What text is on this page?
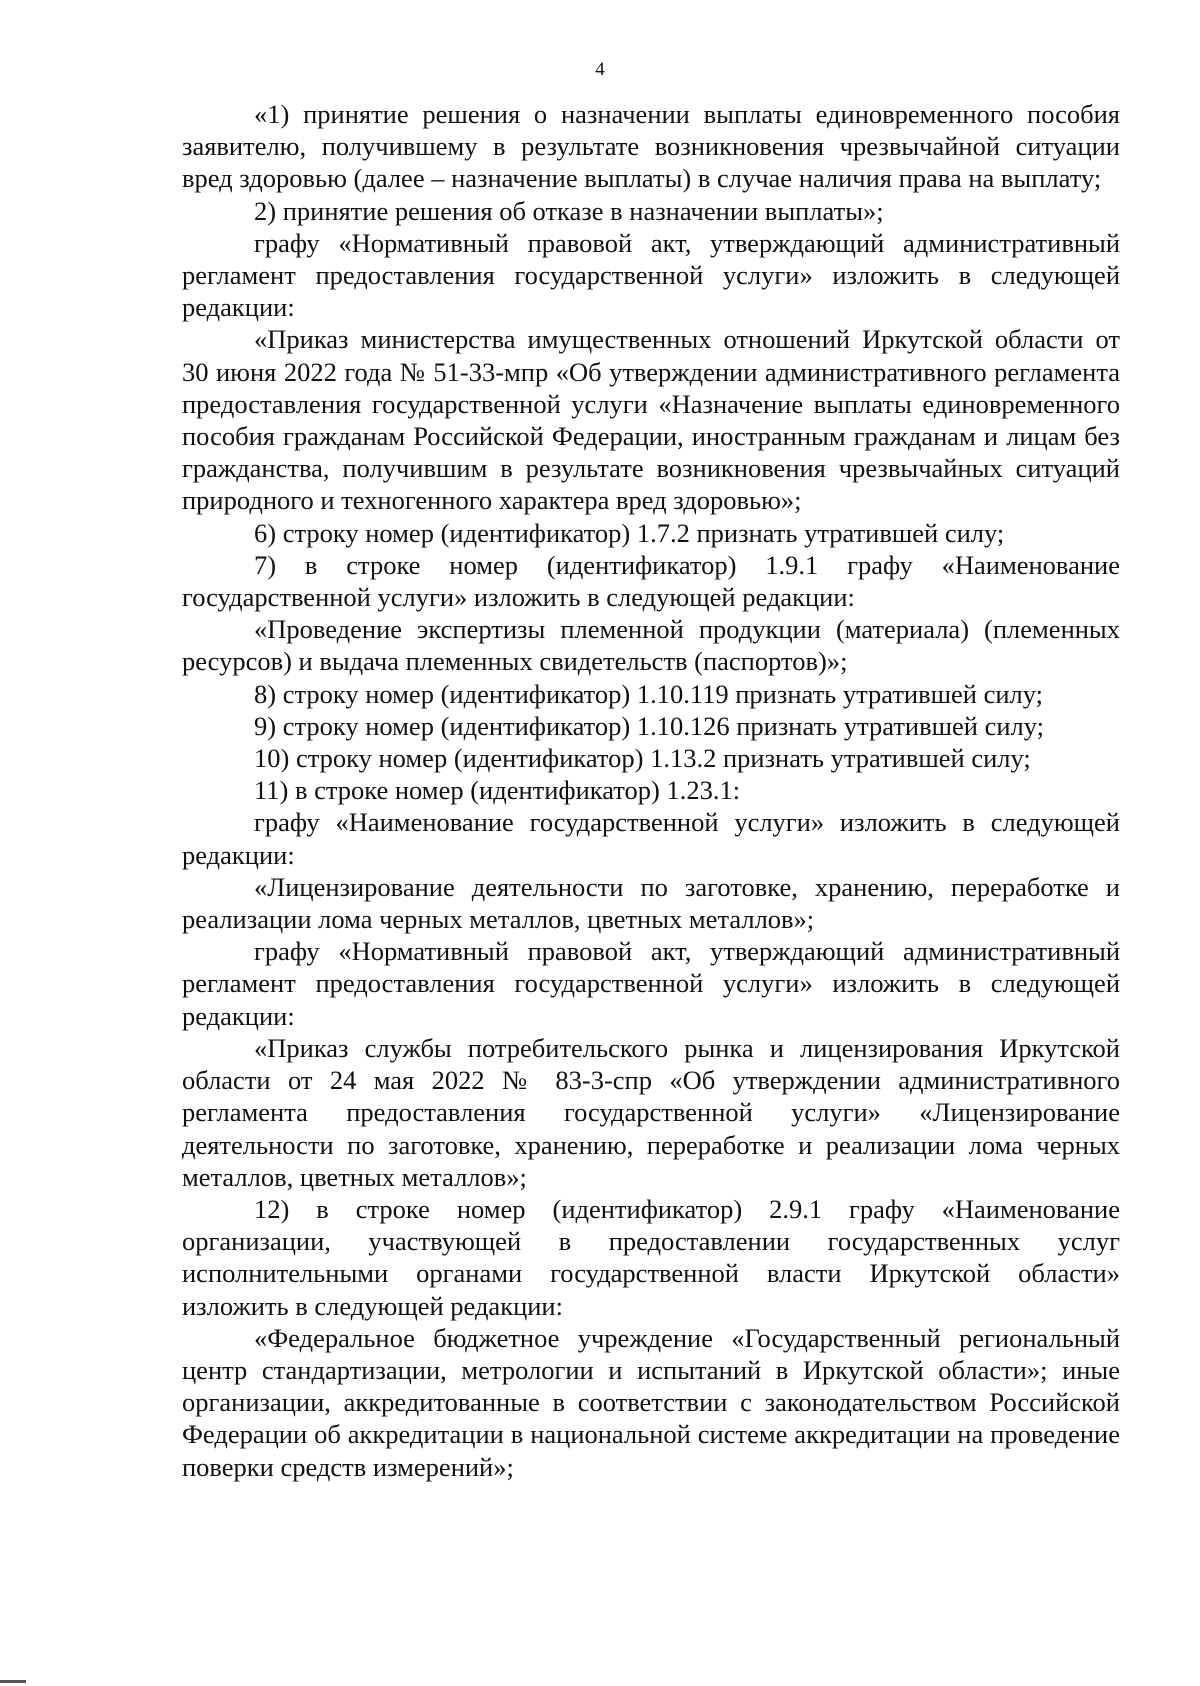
4

«1) принятие решения о назначении выплаты единовременного пособия заявителю, получившему в результате возникновения чрезвычайной ситуации вред здоровью (далее – назначение выплаты) в случае наличия права на выплату;

2) принятие решения об отказе в назначении выплаты»;

графу «Нормативный правовой акт, утверждающий административный регламент предоставления государственной услуги» изложить в следующей редакции:

«Приказ министерства имущественных отношений Иркутской области от 30 июня 2022 года № 51-33-мпр «Об утверждении административного регламента предоставления государственной услуги «Назначение выплаты единовременного пособия гражданам Российской Федерации, иностранным гражданам и лицам без гражданства, получившим в результате возникновения чрезвычайных ситуаций природного и техногенного характера вред здоровью»;

6) строку номер (идентификатор) 1.7.2 признать утратившей силу;

7) в строке номер (идентификатор) 1.9.1 графу «Наименование государственной услуги» изложить в следующей редакции:

«Проведение экспертизы племенной продукции (материала) (племенных ресурсов) и выдача племенных свидетельств (паспортов)»;

8) строку номер (идентификатор) 1.10.119 признать утратившей силу;

9) строку номер (идентификатор) 1.10.126 признать утратившей силу;

10) строку номер (идентификатор) 1.13.2 признать утратившей силу;

11) в строке номер (идентификатор) 1.23.1:

графу «Наименование государственной услуги» изложить в следующей редакции:

«Лицензирование деятельности по заготовке, хранению, переработке и реализации лома черных металлов, цветных металлов»;

графу «Нормативный правовой акт, утверждающий административный регламент предоставления государственной услуги» изложить в следующей редакции:

«Приказ службы потребительского рынка и лицензирования Иркутской области от 24 мая 2022 № 83-3-спр «Об утверждении административного регламента предоставления государственной услуги» «Лицензирование деятельности по заготовке, хранению, переработке и реализации лома черных металлов, цветных металлов»;

12) в строке номер (идентификатор) 2.9.1 графу «Наименование организации, участвующей в предоставлении государственных услуг исполнительными органами государственной власти Иркутской области» изложить в следующей редакции:

«Федеральное бюджетное учреждение «Государственный региональный центр стандартизации, метрологии и испытаний в Иркутской области»; иные организации, аккредитованные в соответствии с законодательством Российской Федерации об аккредитации в национальной системе аккредитации на проведение поверки средств измерений»;
